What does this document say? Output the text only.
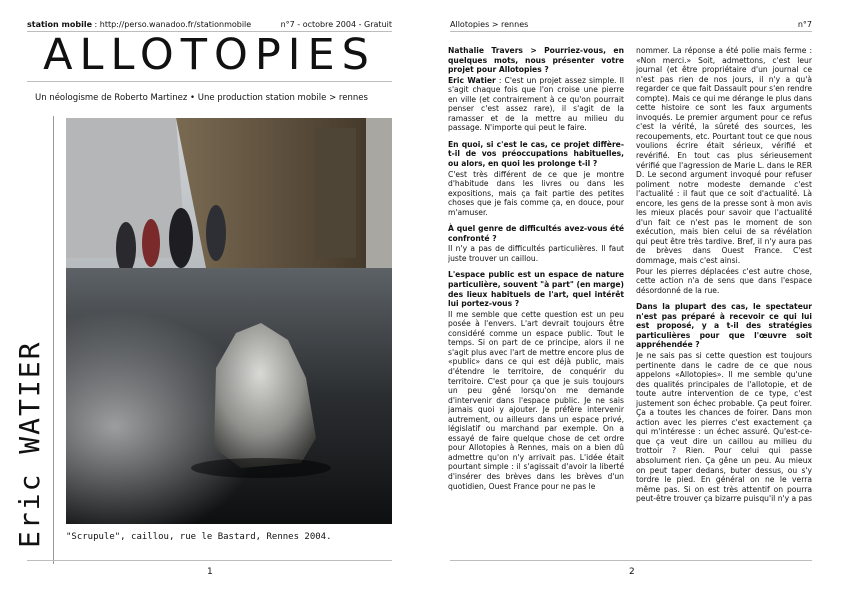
station mobile : http://perso.wanadoo.fr/stationmobile	n°7 - octobre 2004 - Gratuit
ALLOTOPIES
Un néologisme de Roberto Martinez • Une production station mobile > rennes
Eric WATIER "Scrupule", caillou, rue le Bastard, Rennes 2004.
1
Allotopies > rennes	n°7

Nathalie Travers > Pourriez-vous, en quelques mots, nous présenter votre projet pour Allotopies ?

Eric Watier : C'est un projet assez simple. Il s'agit chaque fois que l'on croise une pierre en ville (et contrairement à ce qu'on pourrait penser c'est assez rare), il s'agit de la ramasser et de la mettre au milieu du passage. N'importe qui peut le faire.

En quoi, si c'est le cas, ce projet diffère-t-il de vos préoccupations habituelles, ou alors, en quoi les prolonge t-il ?

C'est très différent de ce que je montre d'habitude dans les livres ou dans les expositions, mais ça fait partie des petites choses que je fais comme ça, en douce, pour m'amuser.

À quel genre de difficultés avez-vous été confronté ?

Il n'y a pas de difficultés particulières. Il faut juste trouver un caillou.

L'espace public est un espace de nature particulière, souvent "à part" (en marge) des lieux habituels de l'art, quel intérêt lui portez-vous ?

Il me semble que cette question est un peu posée à l'envers. L'art devrait toujours être considéré comme un espace public. Tout le temps. Si on part de ce principe, alors il ne s'agit plus avec l'art de mettre encore plus de «public» dans ce qui est déjà public, mais d'étendre le territoire, de conquérir du territoire. C'est pour ça que je suis toujours un peu gêné lorsqu'on me demande d'intervenir dans l'espace public. Je ne sais jamais quoi y ajouter. Je préfère intervenir autrement, ou ailleurs dans un espace privé, législatif ou marchand par exemple. On a essayé de faire quelque chose de cet ordre pour Allotopies à Rennes, mais on a bien dû admettre qu'on n'y arrivait pas. L'idée était pourtant simple : il s'agissait d'avoir la liberté d'insérer des brèves dans les brèves d'un quotidien, Ouest France pour ne pas le

nommer. La réponse a été polie mais ferme : «Non merci.» Soit, admettons, c'est leur journal (et être propriétaire d'un journal ce n'est pas rien de nos jours, il n'y a qu'à regarder ce que fait Dassault pour s'en rendre compte). Mais ce qui me dérange le plus dans cette histoire ce sont les faux arguments invoqués. Le premier argument pour ce refus c'est la vérité, la sûreté des sources, les recoupements, etc. Pourtant tout ce que nous voulions écrire était sérieux, vérifié et revérifié. En tout cas plus sérieusement vérifié que l'agression de Marie L. dans le RER D. Le second argument invoqué pour refuser poliment notre modeste demande c'est l'actualité : il faut que ce soit d'actualité. Là encore, les gens de la presse sont à mon avis les mieux placés pour savoir que l'actualité d'un fait ce n'est pas le moment de son exécution, mais bien celui de sa révélation qui peut être très tardive. Bref, il n'y aura pas de brèves dans Ouest France. C'est dommage, mais c'est ainsi.

Pour les pierres déplacées c'est autre chose, cette action n'a de sens que dans l'espace désordonné de la rue.

Dans la plupart des cas, le spectateur n'est pas préparé à recevoir ce qui lui est proposé, y a t-il des stratégies particulières pour que l'œuvre soit appréhendée ?

Je ne sais pas si cette question est toujours pertinente dans le cadre de ce que nous appelons «Allotopies». Il me semble qu'une des qualités principales de l'allotopie, et de toute autre intervention de ce type, c'est justement son échec probable. Ça peut foirer. Ça a toutes les chances de foirer. Dans mon action avec les pierres c'est exactement ça qui m'intéresse : un échec assuré. Qu'est-ce-que ça veut dire un caillou au milieu du trottoir ? Rien. Pour celui qui passe absolument rien. Ça gêne un peu. Au mieux on peut taper dedans, buter dessus, ou s'y tordre le pied. En général on ne le verra même pas. Si on est très attentif on pourra peut-être trouver ça bizarre puisqu'il n'y a pas

2
